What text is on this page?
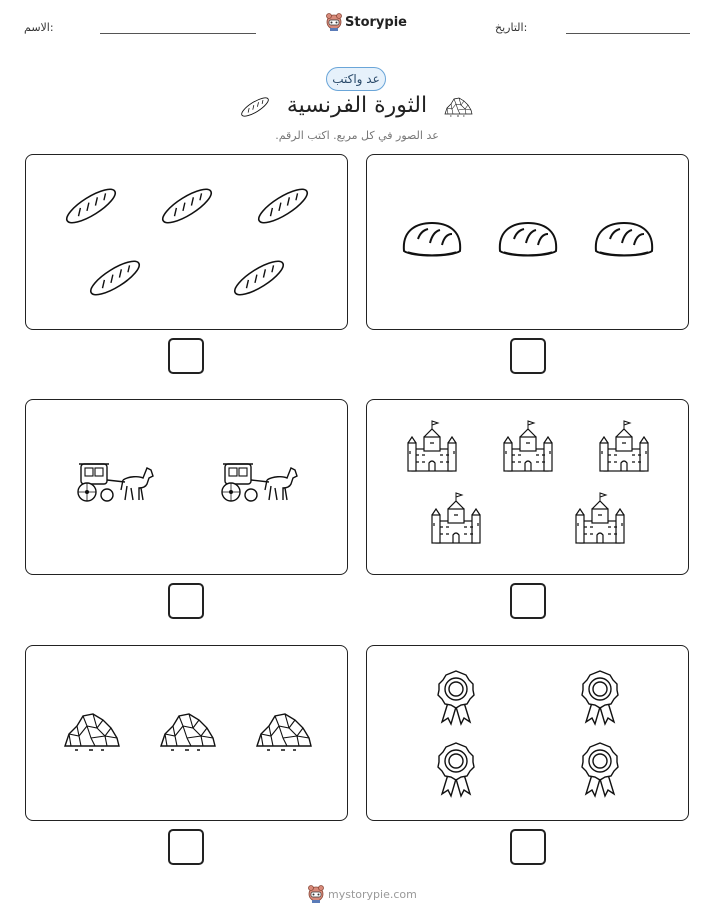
الاسم:	Storypie	التاريخ:
عد واكتب
الثورة الفرنسية
عد الصور في كل مربع. اكتب الرقم.
mystorypie.com
